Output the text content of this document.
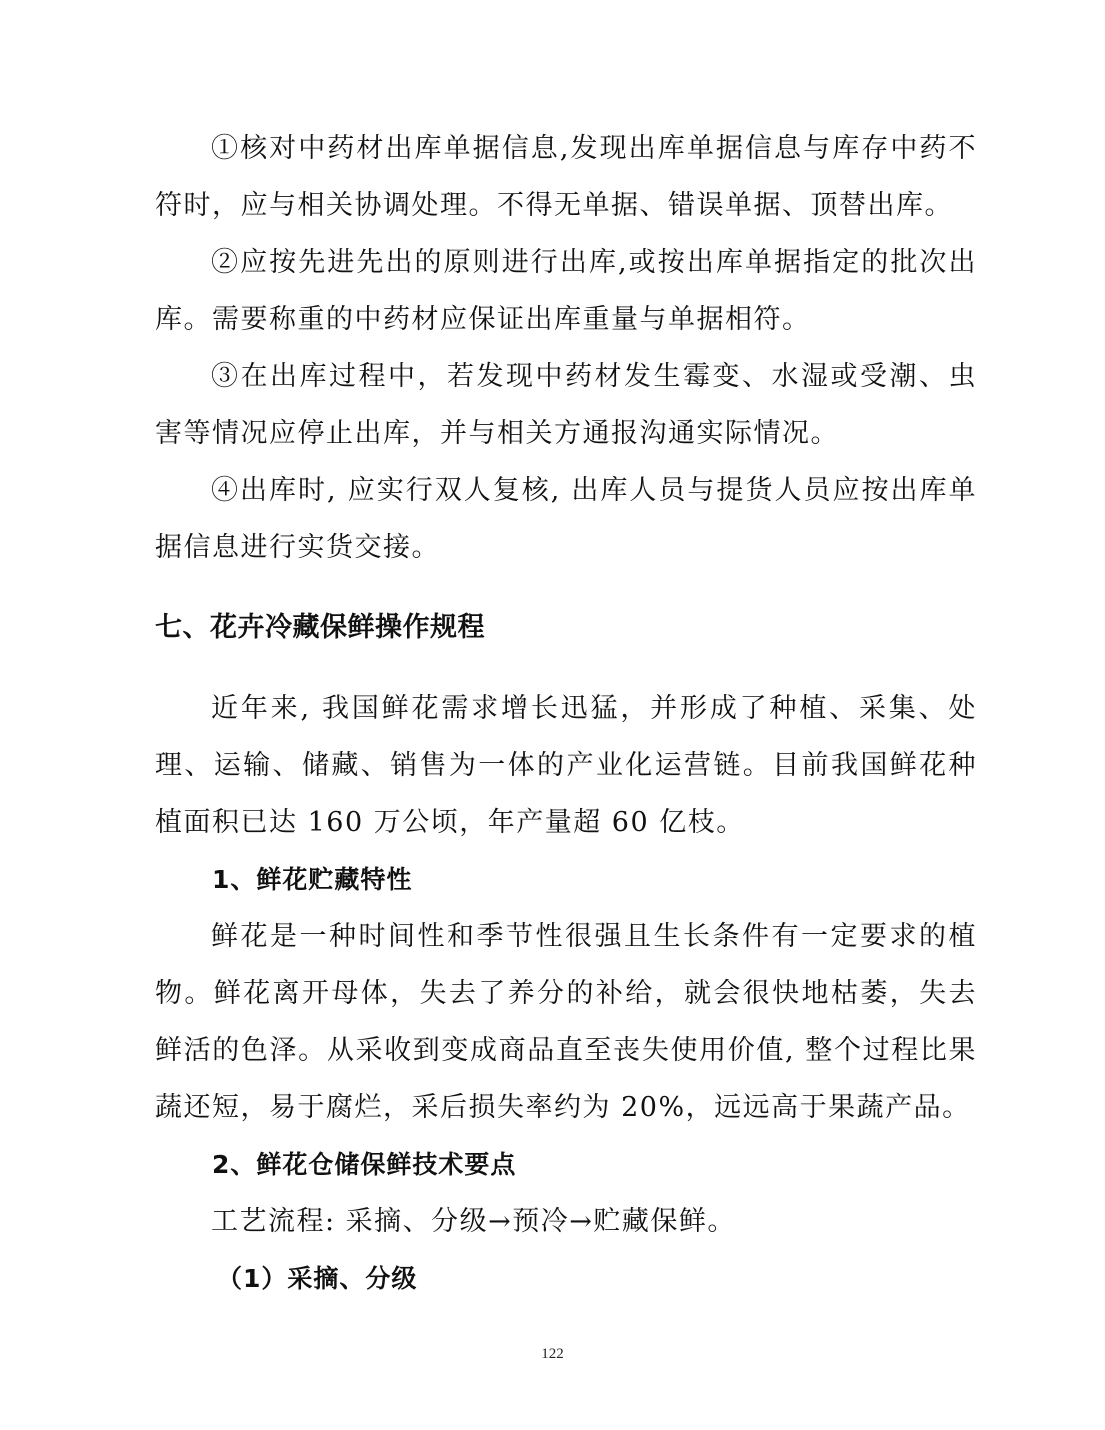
①核对中药材出库单据信息,发现出库单据信息与库存中药不符时，应与相关协调处理。不得无单据、错误单据、顶替出库。

②应按先进先出的原则进行出库,或按出库单据指定的批次出库。需要称重的中药材应保证出库重量与单据相符。

③在出库过程中，若发现中药材发生霉变、水湿或受潮、虫害等情况应停止出库，并与相关方通报沟通实际情况。

④出库时, 应实行双人复核, 出库人员与提货人员应按出库单据信息进行实货交接。

七、花卉冷藏保鲜操作规程

近年来, 我国鲜花需求增长迅猛，并形成了种植、采集、处理、运输、储藏、销售为一体的产业化运营链。目前我国鲜花种植面积已达 160 万公顷，年产量超 60 亿枝。

1、鲜花贮藏特性

鲜花是一种时间性和季节性很强且生长条件有一定要求的植物。鲜花离开母体，失去了养分的补给，就会很快地枯萎，失去鲜活的色泽。从采收到变成商品直至丧失使用价值, 整个过程比果蔬还短，易于腐烂，采后损失率约为 20%，远远高于果蔬产品。

2、鲜花仓储保鲜技术要点

工艺流程: 采摘、分级→预冷→贮藏保鲜。

（1）采摘、分级
122
